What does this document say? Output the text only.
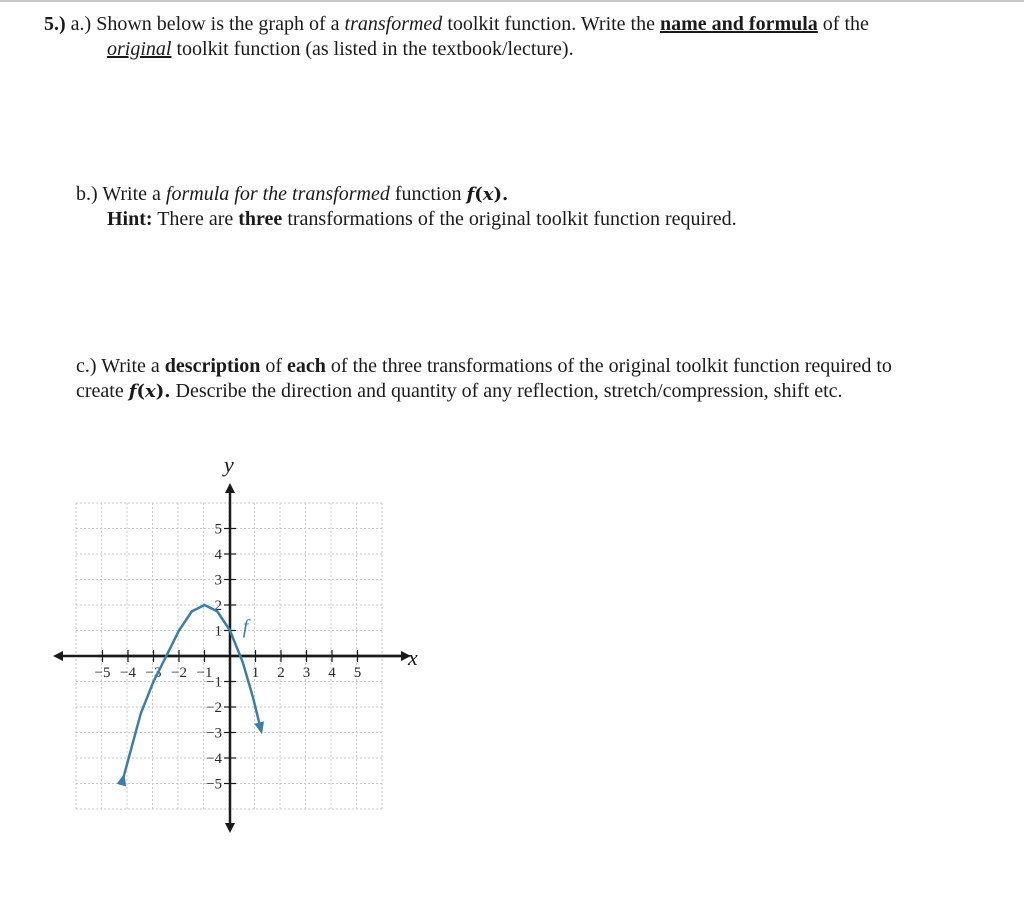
5.) a.) Shown below is the graph of a transformed toolkit function. Write the name and formula of the
original toolkit function (as listed in the textbook/lecture).
b.) Write a formula for the transformed function f(x).
Hint: There are three transformations of the original toolkit function required.
c.) Write a description of each of the three transformations of the original toolkit function required to
create f(x). Describe the direction and quantity of any reflection, stretch/compression, shift etc.
−5 −4 −3 −2 −1	1 2 3 4 5
−5
−4
−3
−2
−1
1
2
3
4
5
f
x
y
